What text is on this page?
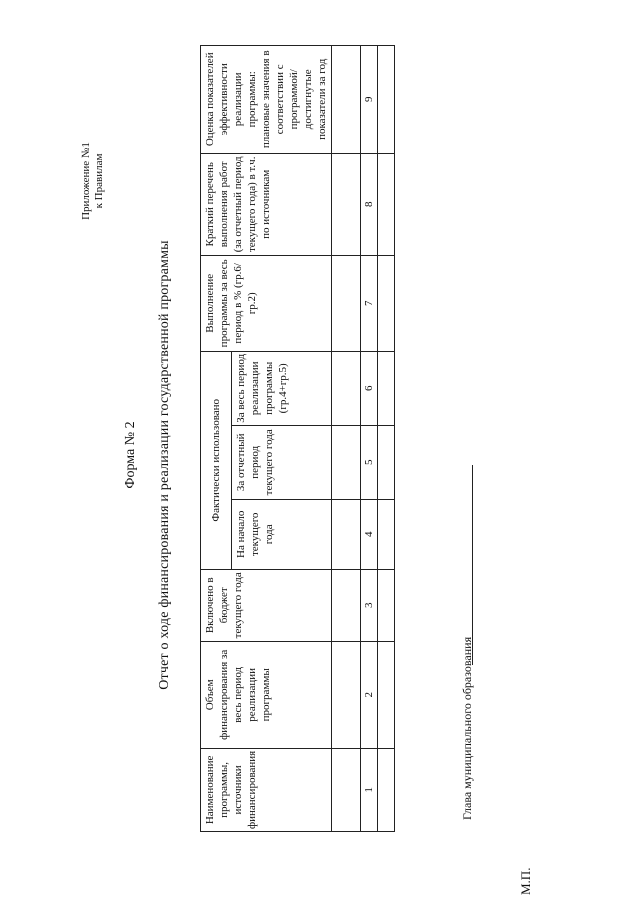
Приложение №1 к Правилам
Форма № 2 Отчет о ходе финансирования и реализации государственной программы
Наименование программы, источники финансирования	Объем финансирования за весь период реализации программы	Включено в бюджет текущего года	Фактически использовано			Выполнение программы за весь период в % (гр.6/гр.2)	Краткий перечень выполнения работ (за отчетный период текущего года) в т.ч. по источникам	Оценка показателей эффективности реализации программы: плановые значения в соответствии с программой/ достигнутые показатели за год
			На начало текущего года	За отчетный период текущего года	За весь период реализации программы (гр.4+гр.5)			

1	2	3	4	5	6	7	8	9

Глава муниципального образования
М.П.
